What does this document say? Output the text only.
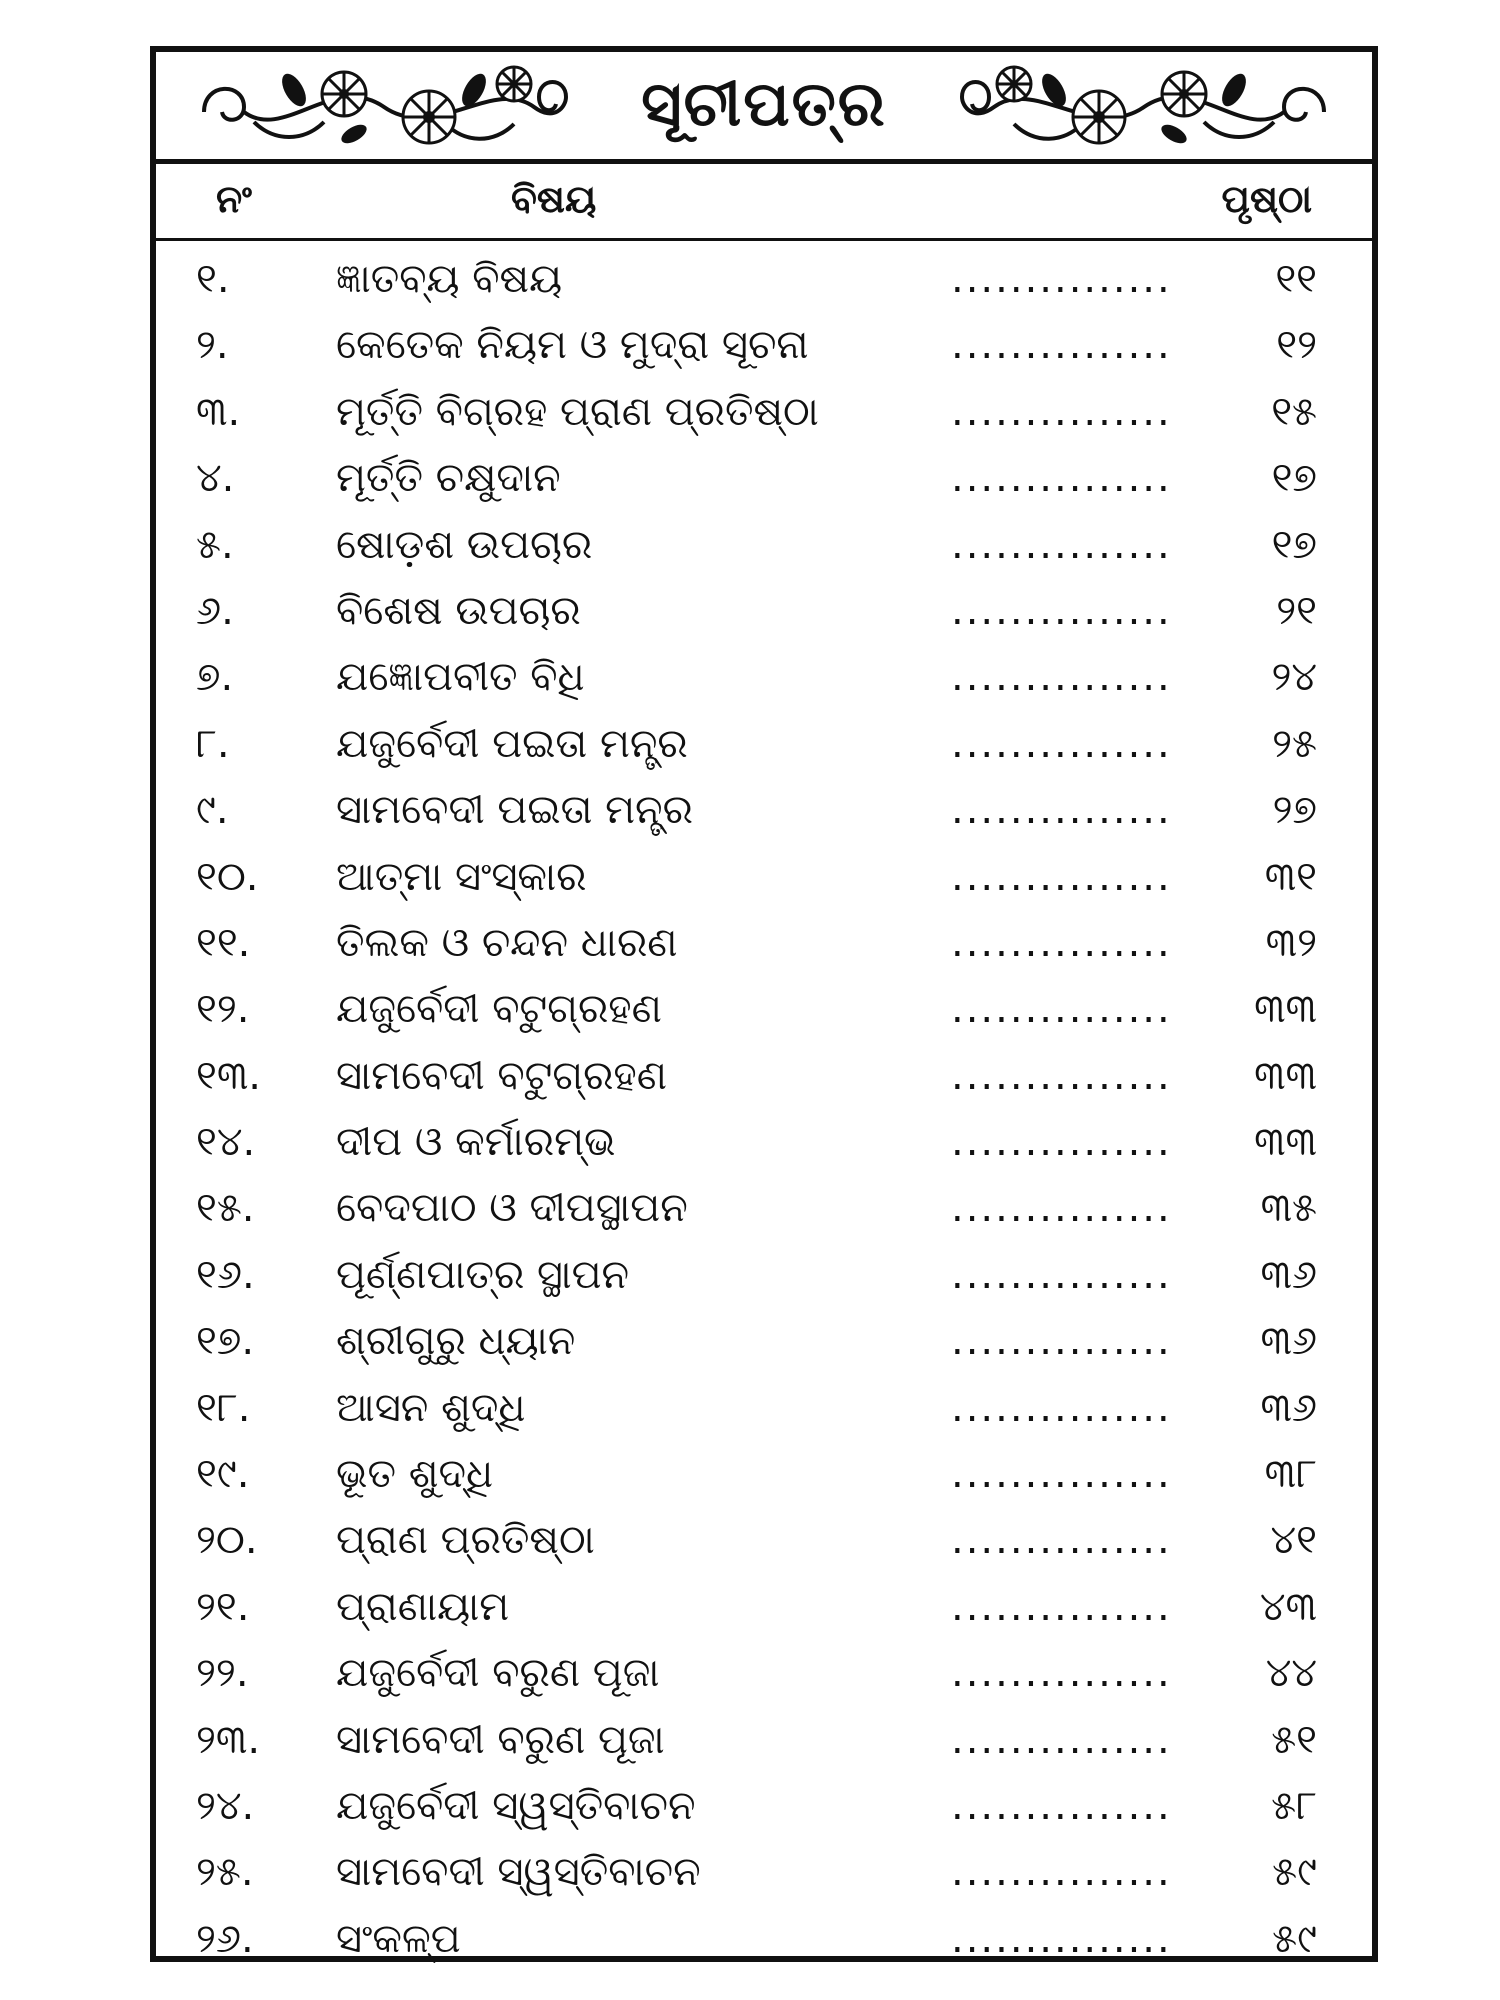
ସୂଚୀପତ୍ର
ନଂ	ବିଷୟ	ପୃଷ୍ଠା
୧.	ଜ୍ଞାତବ୍ୟ ବିଷୟ	...............	୧୧
୨.	କେତେକ ନିୟମ ଓ ମୁଦ୍ରା ସୂଚନା	...............	୧୨
୩. ମୂର୍ତ୍ତି ବିଗ୍ରହ ପ୍ରାଣ ପ୍ରତିଷ୍ଠା	............... ୧୫
୪.	ମୂର୍ତ୍ତି ଚକ୍ଷୁଦାନ	............... ୧୭
୫.	ଷୋଡ଼ଶ ଉପଚାର	............... ୧୭
୬.	ବିଶେଷ ଉପଚାର	...............	୨୧
୭.	ଯଜ୍ଞୋପବୀତ ବିଧି	............... ୨୪
୮.	ଯଜୁର୍ବେଦୀ ପଇତା ମନ୍ତ୍ର	...............	୨୫
୯.	ସାମବେଦୀ ପଇତା ମନ୍ତ୍ର	...............	୨୭
୧୦. ଆତ୍ମା ସଂସ୍କାର	............... ୩୧
୧୧. ତିଲକ ଓ ଚନ୍ଦନ ଧାରଣ	............... ୩୨
୧୨. ଯଜୁର୍ବେଦୀ ବଟୁଗ୍ରହଣ	............... ୩୩
୧୩. ସାମବେଦୀ ବଟୁଗ୍ରହଣ	............... ୩୩
୧୪. ଦୀପ ଓ କର୍ମାରମ୍ଭ	............... ୩୩
୧୫. ବେଦପାଠ ଓ ଦୀପସ୍ଥାପନ	............... ୩୫
୧୬. ପୂର୍ଣ୍ଣପାତ୍ର ସ୍ଥାପନ	............... ୩୬
୧୭. ଶ୍ରୀଗୁରୁ ଧ୍ୟାନ	............... ୩୬
୧୮. ଆସନ ଶୁଦ୍ଧି	............... ୩୬
୧୯. ଭୂତ ଶୁଦ୍ଧି	............... ୩୮
୨୦. ପ୍ରାଣ ପ୍ରତିଷ୍ଠା	............... ୪୧
୨୧. ପ୍ରାଣାୟାମ	............... ୪୩
୨୨. ଯଜୁର୍ବେଦୀ ବରୁଣ ପୂଜା	............... ୪୪
୨୩. ସାମବେଦୀ ବରୁଣ ପୂଜା	............... ୫୧
୨୪. ଯଜୁର୍ବେଦୀ ସ୍ୱସ୍ତିବାଚନ	............... ୫୮
୨୫. ସାମବେଦୀ ସ୍ୱସ୍ତିବାଚନ	...............	୫୯
୨୬. ସଂକଳ୍ପ	...............	୫୯
